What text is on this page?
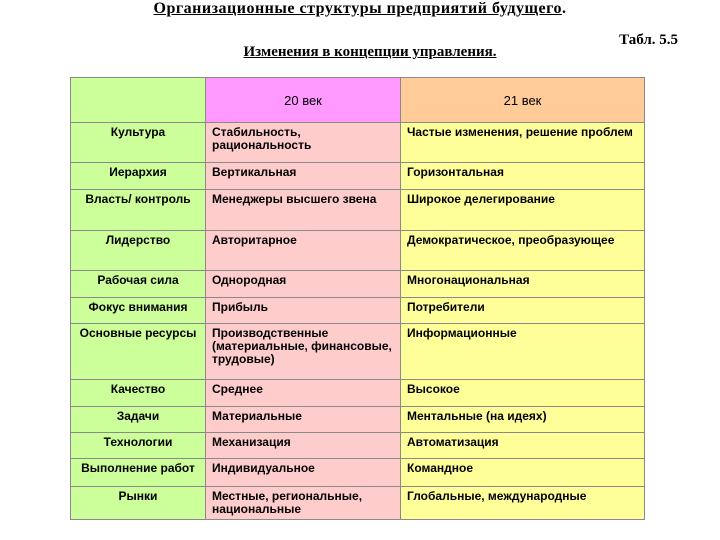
Организационные структуры предприятий будущего.
Табл. 5.5
Изменения в концепции управления.
	20 век	21 век
Культура	Стабильность, рациональность	Частые изменения, решение проблем
Иерархия	Вертикальная	Горизонтальная
Власть/ контроль	Менеджеры высшего звена	Широкое делегирование
Лидерство	Авторитарное	Демократическое, преобразующее
Рабочая сила	Однородная	Многонациональная
Фокус внимания	Прибыль	Потребители
Основные ресурсы	Производственные (материальные, финансовые, трудовые)	Информационные
Качество	Среднее	Высокое
Задачи	Материальные	Ментальные (на идеях)
Технологии	Механизация	Автоматизация
Выполнение работ	Индивидуальное	Командное
Рынки	Местные, региональные, национальные	Глобальные, международные
